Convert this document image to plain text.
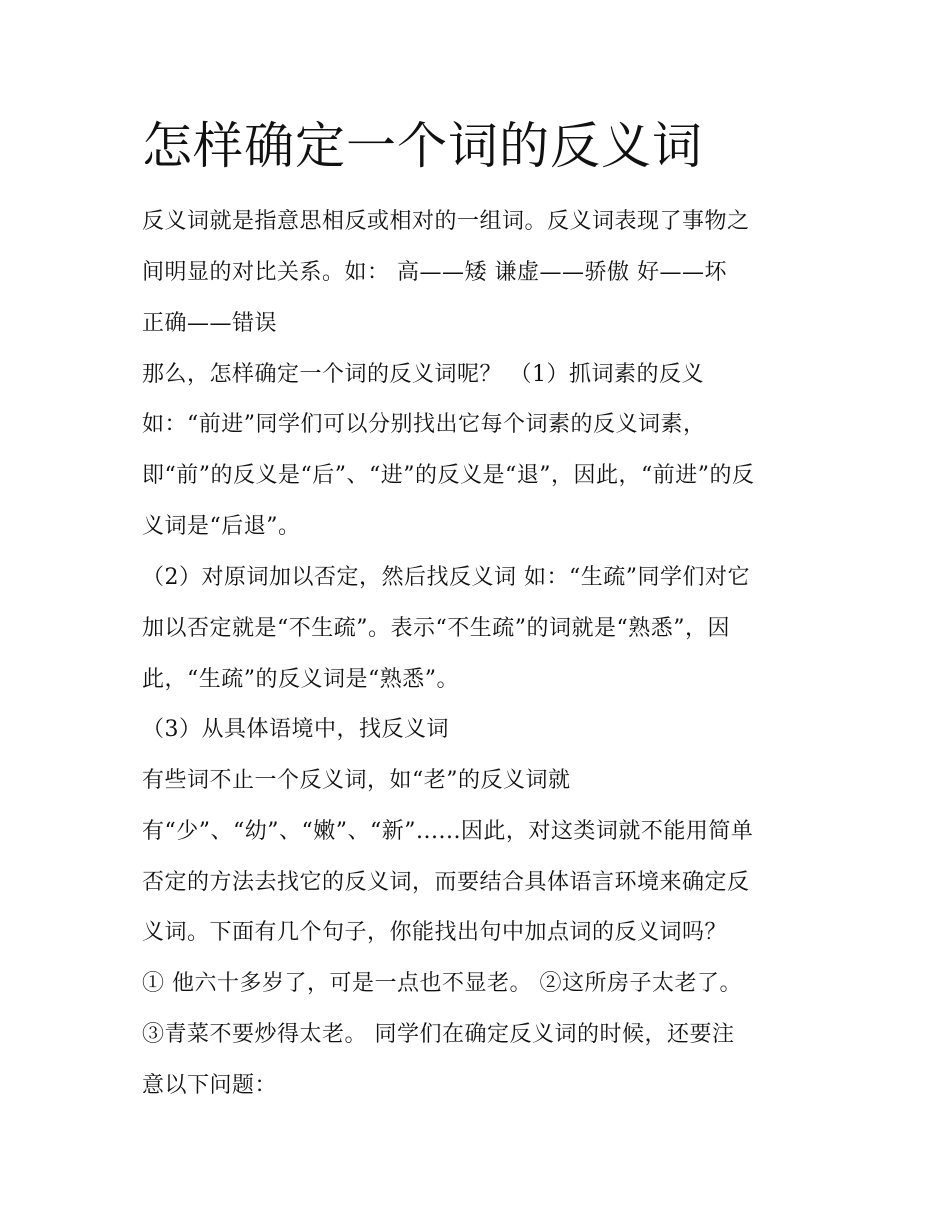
怎样确定一个词的反义词

反义词就是指意思相反或相对的一组词。反义词表现了事物之

间明显的对比关系。如： 高——矮 谦虚——骄傲 好——坏

正确——错误

那么，怎样确定一个词的反义词呢？ （1）抓词素的反义

如：“前进”同学们可以分别找出它每个词素的反义词素，

即“前”的反义是“后”、“进”的反义是“退”，因此，“前进”的反

义词是“后退”。

（2）对原词加以否定，然后找反义词 如：“生疏”同学们对它

加以否定就是“不生疏”。表示“不生疏”的词就是“熟悉”，因

此，“生疏”的反义词是“熟悉”。

（3）从具体语境中，找反义词

有些词不止一个反义词，如“老”的反义词就

有“少”、“幼”、“嫩”、“新”......因此，对这类词就不能用简单

否定的方法去找它的反义词，而要结合具体语言环境来确定反

义词。下面有几个句子，你能找出句中加点词的反义词吗？

① 他六十多岁了，可是一点也不显老。 ②这所房子太老了。

③青菜不要炒得太老。 同学们在确定反义词的时候，还要注

意以下问题：
